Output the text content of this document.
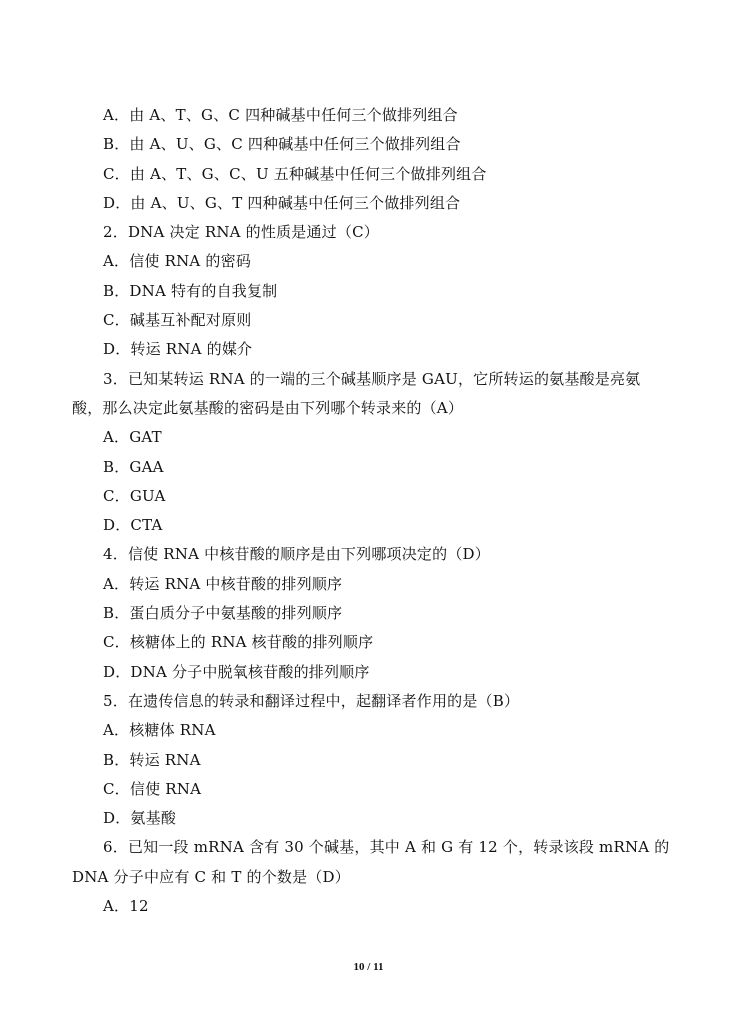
A．由 A、T、G、C 四种碱基中任何三个做排列组合
B．由 A、U、G、C 四种碱基中任何三个做排列组合
C．由 A、T、G、C、U 五种碱基中任何三个做排列组合
D．由 A、U、G、T 四种碱基中任何三个做排列组合
2．DNA 决定 RNA 的性质是通过（C）
A．信使 RNA 的密码
B．DNA 特有的自我复制
C．碱基互补配对原则
D．转运 RNA 的媒介
3．已知某转运 RNA 的一端的三个碱基顺序是 GAU，它所转运的氨基酸是亮氨
酸，那么决定此氨基酸的密码是由下列哪个转录来的（A）
A．GAT
B．GAA
C．GUA
D．CTA
4．信使 RNA 中核苷酸的顺序是由下列哪项决定的（D）
A．转运 RNA 中核苷酸的排列顺序
B．蛋白质分子中氨基酸的排列顺序
C．核糖体上的 RNA 核苷酸的排列顺序
D．DNA 分子中脱氧核苷酸的排列顺序
5．在遗传信息的转录和翻译过程中，起翻译者作用的是（B）
A．核糖体 RNA
B．转运 RNA
C．信使 RNA
D．氨基酸
6．已知一段 mRNA 含有 30 个碱基，其中 A 和 G 有 12 个，转录该段 mRNA 的
DNA 分子中应有 C 和 T 的个数是（D）
A．12
10 / 11
